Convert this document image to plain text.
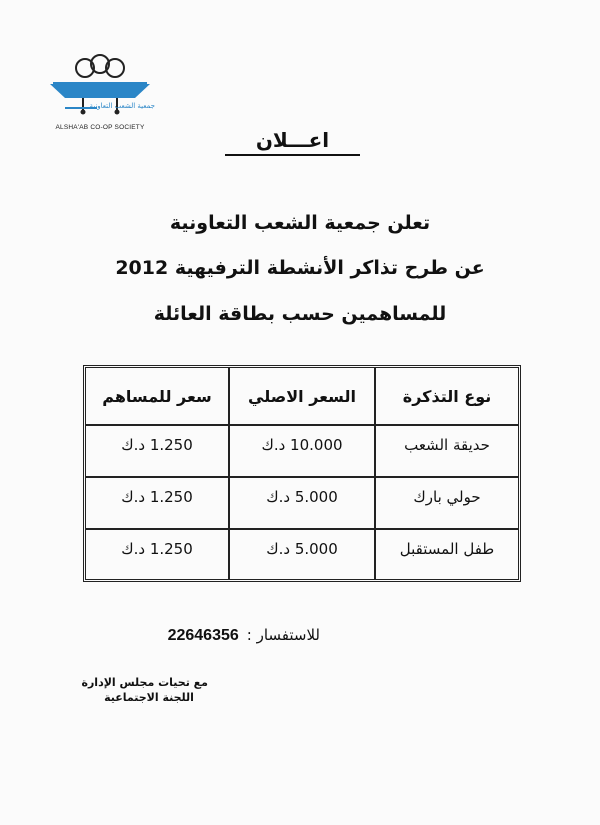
جمعية الشعب التعاونية
ALSHA'AB CO-OP SOCIETY
اعـــلان
تعلن جمعية الشعب التعاونية
عن طرح تذاكر الأنشطة الترفيهية 2012
للمساهمين حسب بطاقة العائلة
نوع التذكرة
السعر الاصلي
سعر للمساهم
حديقة الشعب
10.000 د.ك
1.250 د.ك
حولي بارك
5.000 د.ك
1.250 د.ك
طفل المستقبل
5.000 د.ك
1.250 د.ك
للاستفسار :
22646356
مع تحيات مجلس الإدارة
اللجنة الاجتماعية
